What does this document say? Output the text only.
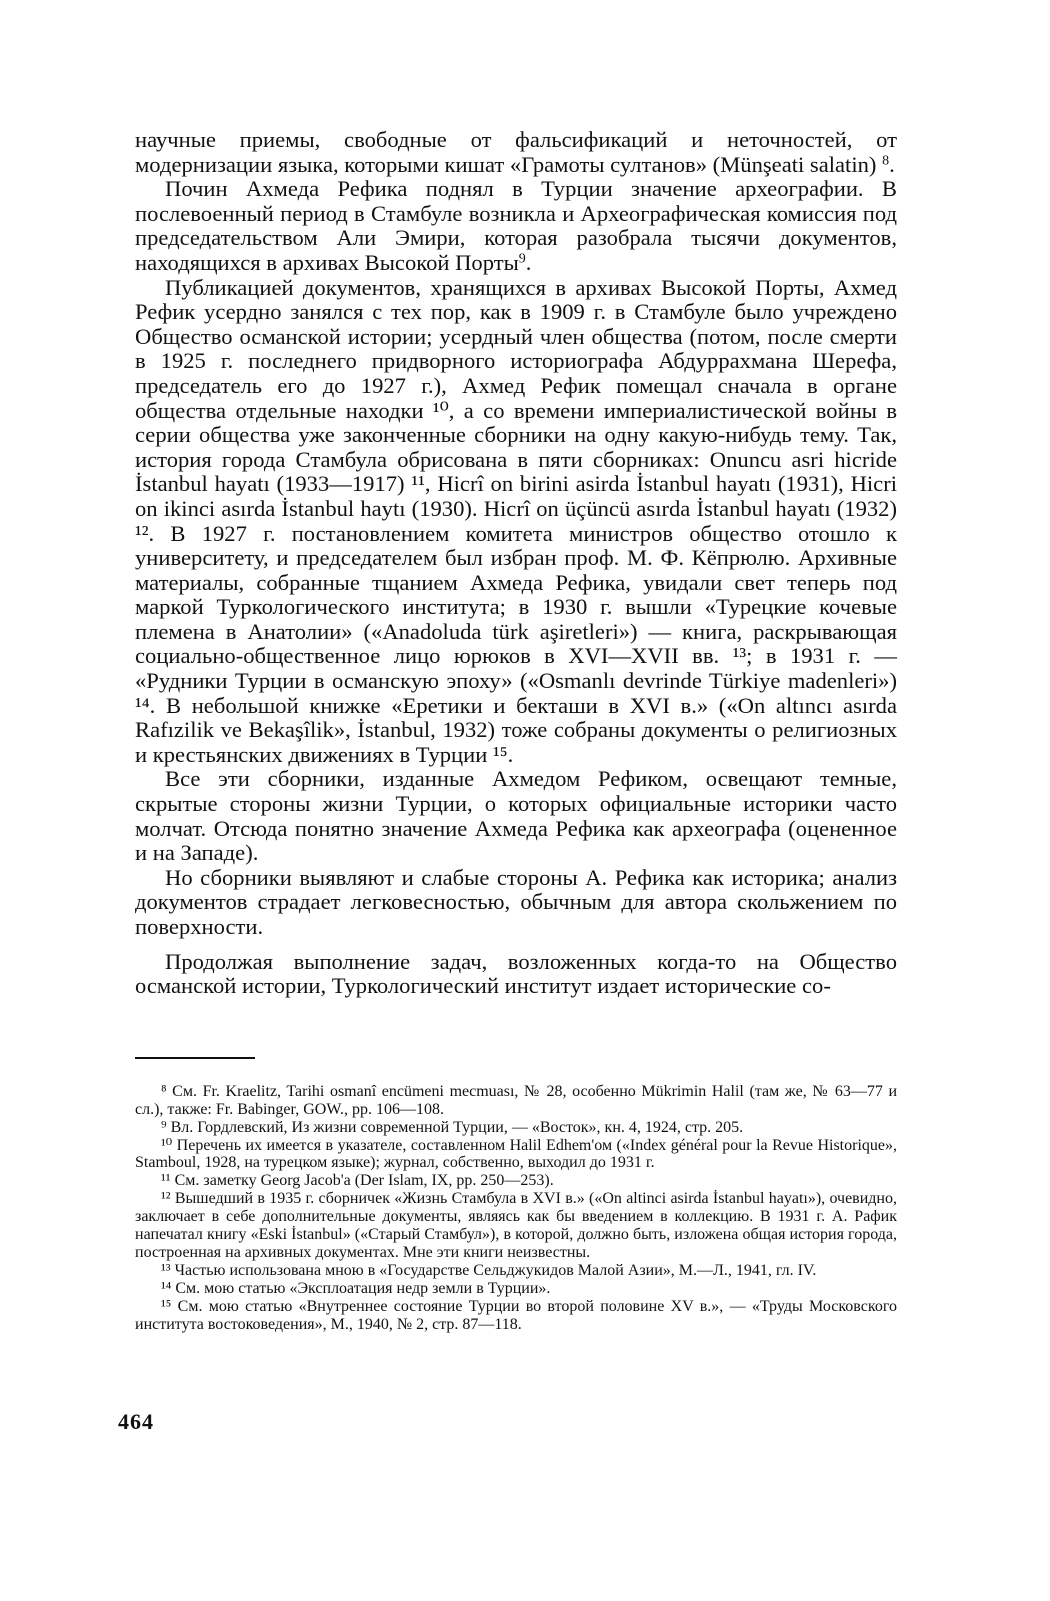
научные приемы, свободные от фальсификаций и неточностей, от модернизации языка, которыми кишат «Грамоты султанов» (Münşeati salatin) $^8$.

Почин Ахмеда Рефика поднял в Турции значение археографии. В послевоенный период в Стамбуле возникла и Археографическая комиссия под председательством Али Эмири, которая разобрала тысячи документов, находящихся в архивах Высокой Порты$^9$.

Публикацией документов, хранящихся в архивах Высокой Порты, Ахмед Рефик усердно занялся с тех пор, как в 1909 г. в Стамбуле было учреждено Общество османской истории; усердный член общества (потом, после смерти в 1925 г. последнего придворного историографа Абдуррахмана Шерефа, председатель его до 1927 г.), Ахмед Рефик помещал сначала в органе общества отдельные находки ¹⁰, а со времени империалистической войны в серии общества уже законченные сборники на одну какую-нибудь тему. Так, история города Стамбула обрисована в пяти сборниках: Onuncu asri hicride İstanbul hayatı (1933—1917) ¹¹, Hicrî on birini asirda İstanbul hayatı (1931), Hicri on ikinci asırda İstanbul haytı (1930). Hicrî on üçüncü asırda İstanbul hayatı (1932) ¹². В 1927 г. постановлением комитета министров общество отошло к университету, и председателем был избран проф. М. Ф. Кёпрюлю. Архивные материалы, собранные тщанием Ахмеда Рефика, увидали свет теперь под маркой Туркологического института; в 1930 г. вышли «Турецкие кочевые племена в Анатолии» («Anadoluda türk aşiretleri») — книга, раскрывающая социально-общественное лицо юрюков в XVI—XVII вв. ¹³; в 1931 г. — «Рудники Турции в османскую эпоху» («Osmanlı devrinde Türkiye madenleri») ¹⁴. В небольшой книжке «Еретики и бекташи в XVI в.» («On altıncı asırda Rafızilik ve Bekaşîlik», İstanbul, 1932) тоже собраны документы о религиозных и крестьянских движениях в Турции ¹⁵.

Все эти сборники, изданные Ахмедом Рефиком, освещают темные, скрытые стороны жизни Турции, о которых официальные историки часто молчат. Отсюда понятно значение Ахмеда Рефика как археографа (оцененное и на Западе).

Но сборники выявляют и слабые стороны А. Рефика как историка; анализ документов страдает легковесностью, обычным для автора скольжением по поверхности.

Продолжая выполнение задач, возложенных когда-то на Общество османской истории, Туркологический институт издает исторические со-

⁸ См. Fr. Kraelitz, Tarihi osmanî encümeni mecmuası, № 28, особенно Mükrimin Halil (там же, № 63—77 и сл.), также: Fr. Babinger, GOW., pp. 106—108.

⁹ Вл. Гордлевский, Из жизни современной Турции, — «Восток», кн. 4, 1924, стр. 205.

¹⁰ Перечень их имеется в указателе, составленном Halil Edhem'ом («Index général pour la Revue Historique», Stamboul, 1928, на турецком языке); журнал, собственно, выходил до 1931 г.

¹¹ См. заметку Georg Jacob'a (Der Islam, IX, pp. 250—253).

¹² Вышедший в 1935 г. сборничек «Жизнь Стамбула в XVI в.» («On altinci asirda İstanbul hayatı»), очевидно, заключает в себе дополнительные документы, являясь как бы введением в коллекцию. В 1931 г. А. Рафик напечатал книгу «Eski İstanbul» («Старый Стамбул»), в которой, должно быть, изложена общая история города, построенная на архивных документах. Мне эти книги неизвестны.

¹³ Частью использована мною в «Государстве Сельджукидов Малой Азии», М.—Л., 1941, гл. IV.

¹⁴ См. мою статью «Эксплоатация недр земли в Турции».

¹⁵ См. мою статью «Внутреннее состояние Турции во второй половине XV в.», — «Труды Московского института востоковедения», М., 1940, № 2, стр. 87—118.

464
